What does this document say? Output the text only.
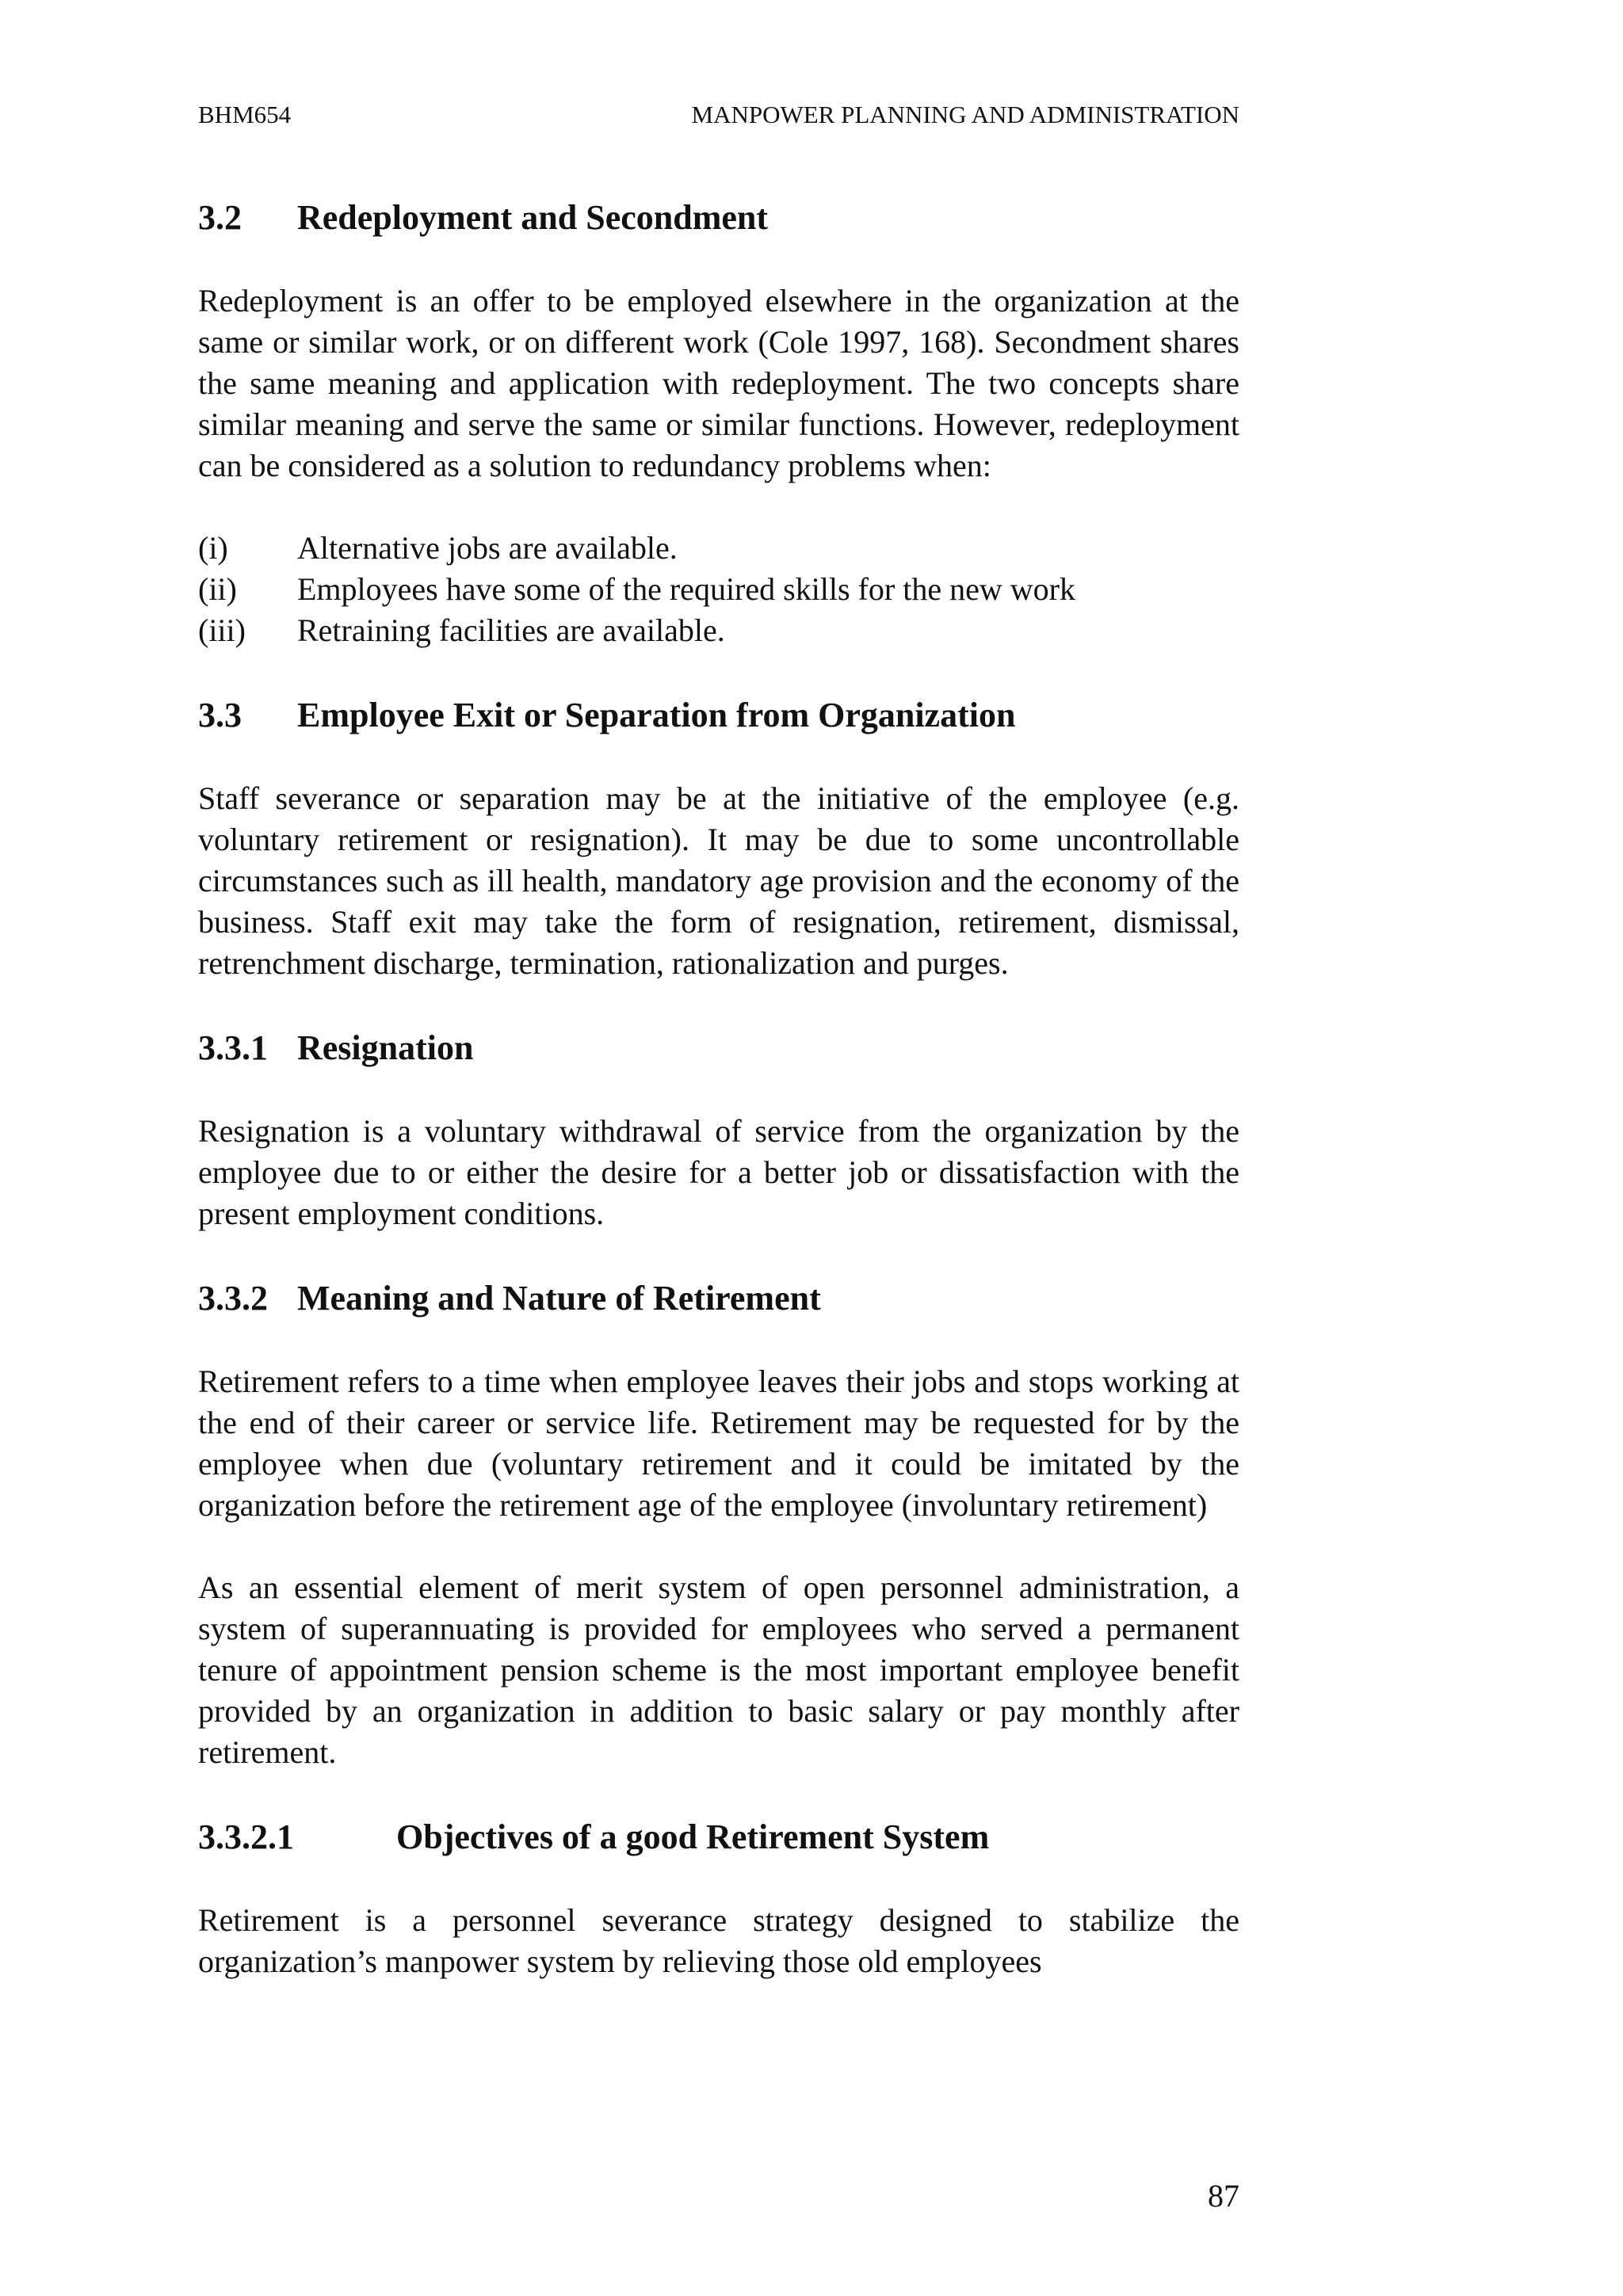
BHM654	MANPOWER PLANNING AND ADMINISTRATION
3.2	Redeployment and Secondment

Redeployment is an offer to be employed elsewhere in the organization at the same or similar work, or on different work (Cole 1997, 168). Secondment shares the same meaning and application with redeployment. The two concepts share similar meaning and serve the same or similar functions. However, redeployment can be considered as a solution to redundancy problems when:

(i)	Alternative jobs are available.
(ii)	Employees have some of the required skills for the new work
(iii)	Retraining facilities are available.
3.3	Employee Exit or Separation from Organization

Staff severance or separation may be at the initiative of the employee (e.g. voluntary retirement or resignation). It may be due to some uncontrollable circumstances such as ill health, mandatory age provision and the economy of the business. Staff exit may take the form of resignation, retirement, dismissal, retrenchment discharge, termination, rationalization and purges.

3.3.1 Resignation

Resignation is a voluntary withdrawal of service from the organization by the employee due to or either the desire for a better job or dissatisfaction with the present employment conditions.

3.3.2 Meaning and Nature of Retirement

Retirement refers to a time when employee leaves their jobs and stops working at the end of their career or service life. Retirement may be requested for by the employee when due (voluntary retirement and it could be imitated by the organization before the retirement age of the employee (involuntary retirement)

As an essential element of merit system of open personnel administration, a system of superannuating is provided for employees who served a permanent tenure of appointment pension scheme is the most important employee benefit provided by an organization in addition to basic salary or pay monthly after retirement.

3.3.2.1	Objectives of a good Retirement System

Retirement is a personnel severance strategy designed to stabilize the organization’s manpower system by relieving those old employees

87
